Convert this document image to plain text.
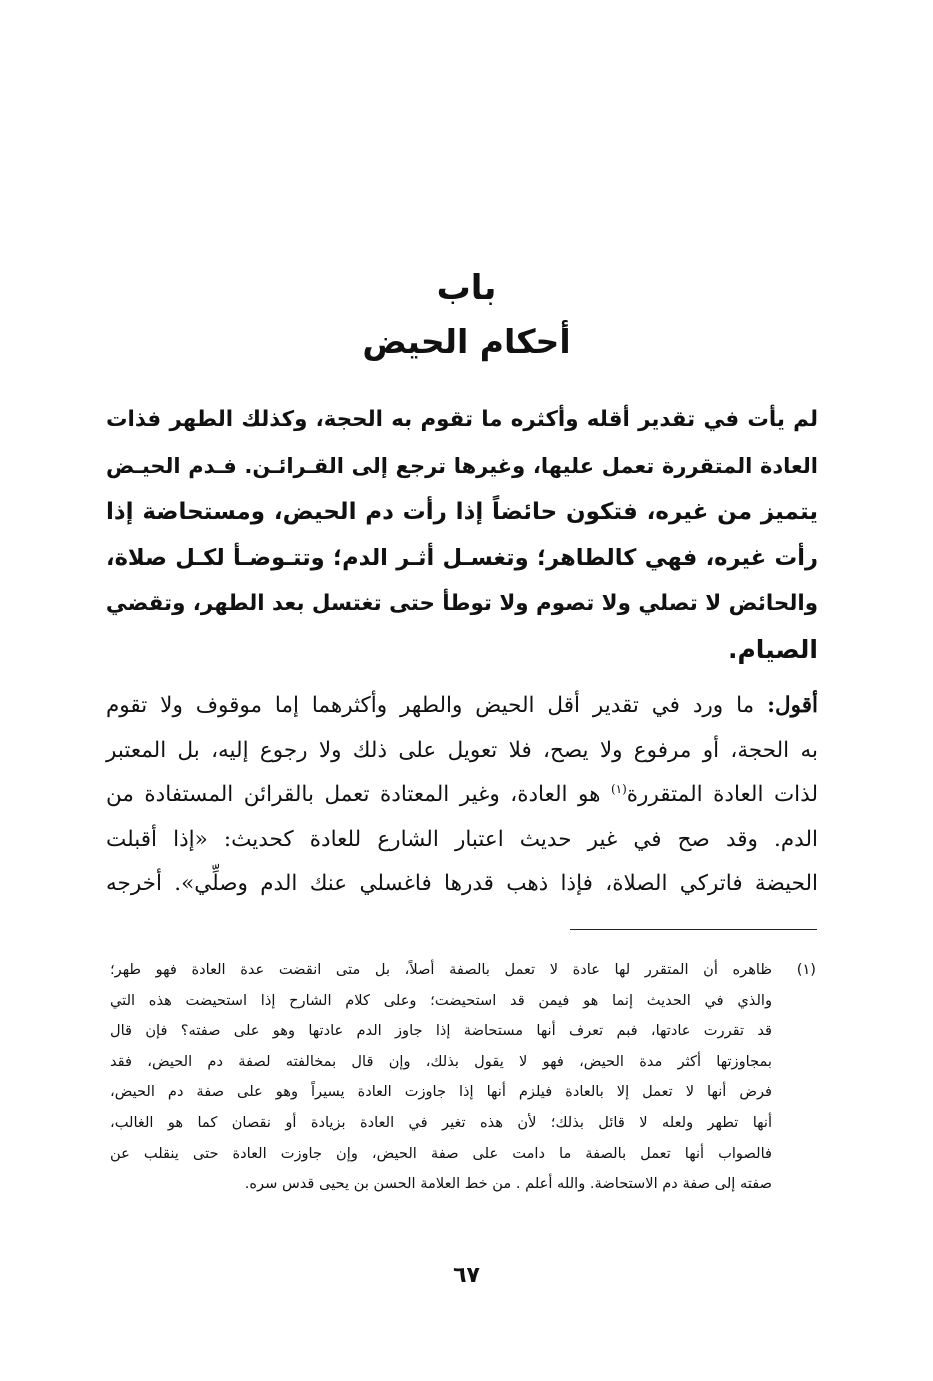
باب
أحكام الحيض
لم يأت في تقدير أقله وأكثره ما تقوم به الحجة، وكذلك الطهر فذات
العادة المتقررة تعمل عليها، وغيرها ترجع إلى القـرائـن. فـدم الحيـض
يتميز من غيره، فتكون حائضاً إذا رأت دم الحيض، ومستحاضة إذا
رأت غيره، فهي كالطاهر؛ وتغسـل أثـر الدم؛ وتتـوضـأ لكـل صلاة،
والحائض لا تصلي ولا تصوم ولا توطأ حتى تغتسل بعد الطهر، وتقضي
الصيام.
أقول: ما ورد في تقدير أقل الحيض والطهر وأكثرهما إما موقوف ولا تقوم
به الحجة، أو مرفوع ولا يصح، فلا تعويل على ذلك ولا رجوع إليه، بل المعتبر
لذات العادة المتقررة$^{(١)}$ هو العادة، وغير المعتادة تعمل بالقرائن المستفادة من
الدم. وقد صح في غير حديث اعتبار الشارع للعادة كحديث: «إذا أقبلت
الحيضة فاتركي الصلاة، فإذا ذهب قدرها فاغسلي عنك الدم وصلِّي». أخرجه
(١)
ظاهره أن المتقرر لها عادة لا تعمل بالصفة أصلاً، بل متى انقضت عدة العادة فهو طهر؛
والذي في الحديث إنما هو فيمن قد استحيضت؛ وعلى كلام الشارح إذا استحيضت هذه التي
قد تقررت عادتها، فبم تعرف أنها مستحاضة إذا جاوز الدم عادتها وهو على صفته؟ فإن قال
بمجاوزتها أكثر مدة الحيض، فهو لا يقول بذلك، وإن قال بمخالفته لصفة دم الحيض، فقد
فرض أنها لا تعمل إلا بالعادة فيلزم أنها إذا جاوزت العادة يسيراً وهو على صفة دم الحيض،
أنها تطهر ولعله لا قائل بذلك؛ لأن هذه تغير في العادة بزيادة أو نقصان كما هو الغالب،
فالصواب أنها تعمل بالصفة ما دامت على صفة الحيض، وإن جاوزت العادة حتى ينقلب عن
صفته إلى صفة دم الاستحاضة. والله أعلم . من خط العلامة الحسن بن يحيى قدس سره.
٦٧
